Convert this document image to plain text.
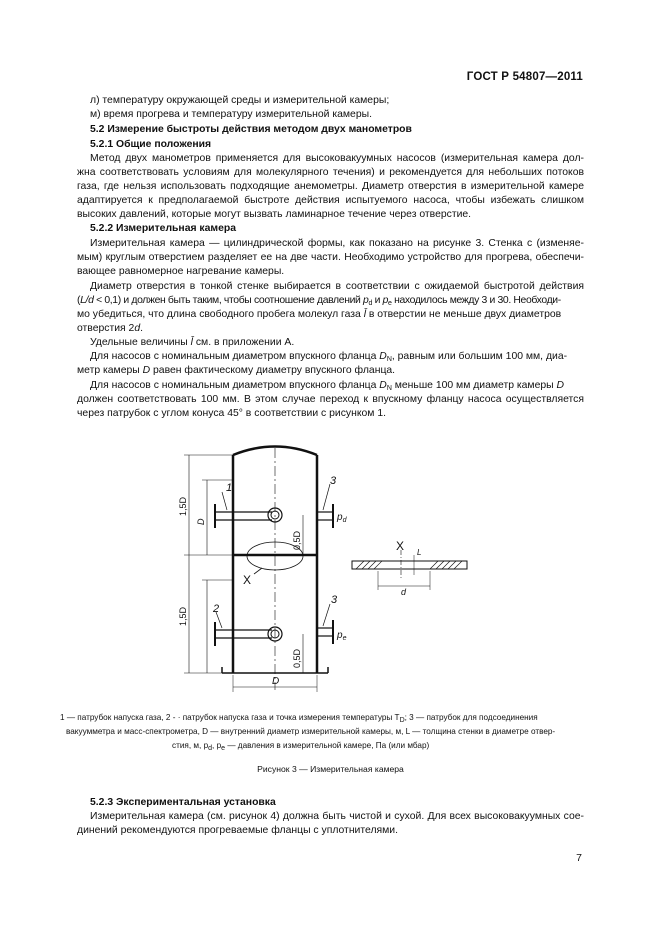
ГОСТ Р 54807—2011
л) температуру окружающей среды и измерительной камеры;
м) время прогрева и температуру измерительной камеры.
5.2 Измерение быстроты действия методом двух манометров
5.2.1 Общие положения
Метод двух манометров применяется для высоковакуумных насосов (измерительная камера дол-
жна соответствовать условиям для молекулярного течения) и рекомендуется для небольших потоков
газа, где нельзя использовать подходящие анемометры. Диаметр отверстия в измерительной камере
адаптируется к предполагаемой быстроте действия испытуемого насоса, чтобы избежать слишком
высоких давлений, которые могут вызвать ламинарное течение через отверстие.
5.2.2 Измерительная камера
Измерительная камера — цилиндрической формы, как показано на рисунке 3. Стенка с (изменяе-
мым) круглым отверстием разделяет ее на две части. Необходимо устройство для прогрева, обеспечи-
вающее равномерное нагревание камеры.
Диаметр отверстия в тонкой стенке выбирается в соответствии с ожидаемой быстротой действия
(L/d < 0,1) и должен быть таким, чтобы соотношение давлений $p_d$ и $p_e$ находилось между 3 и 30. Необходи-
мо убедиться, что длина свободного пробега молекул газа l̄ в отверстии не меньше двух диаметров
отверстия 2d.
Удельные величины l̄ см. в приложении А.
Для насосов с номинальным диаметром впускного фланца $D_N$, равным или большим 100 мм, диа-
метр камеры D равен фактическому диаметру впускного фланца.
Для насосов с номинальным диаметром впускного фланца $D_N$ меньше 100 мм диаметр камеры D
должен соответствовать 100 мм. В этом случае переход к впускному фланцу насоса осуществляется
через патрубок с углом конуса 45° в соответствии с рисунком 1.
1
2
3
3
$p_d$
$p_e$
X
X
D
d
L
D
1,5D
1,5D
0,5D
0,5D
1 — патрубок напуска газа, 2 - · патрубок напуска газа и точка измерения температуры $T_D$; 3 — патрубок для подсоединения
вакуумметра и масс-спектрометра, D — внутренний диаметр измерительной камеры, м, L — толщина стенки в диаметре отвер-
стия, м, $p_d$, $p_e$ — давления в измерительной камере, Па (или мбар)
Рисунок 3 — Измерительная камера
5.2.3 Экспериментальная установка
Измерительная камера (см. рисунок 4) должна быть чистой и сухой. Для всех высоковакуумных сое-
динений рекомендуются прогреваемые фланцы с уплотнителями.
7
